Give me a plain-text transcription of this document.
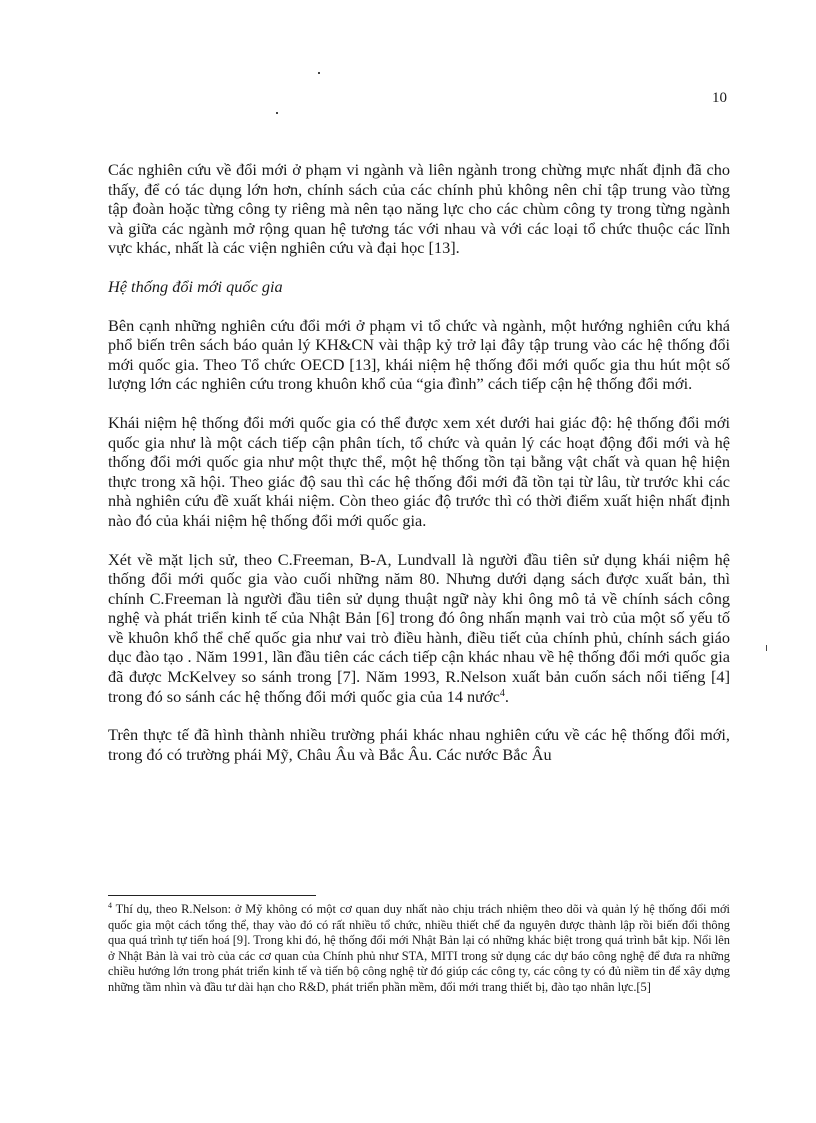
10

Các nghiên cứu về đổi mới ở phạm vi ngành và liên ngành trong chừng mực nhất định đã cho thấy, để có tác dụng lớn hơn, chính sách của các chính phủ không nên chỉ tập trung vào từng tập đoàn hoặc từng công ty riêng mà nên tạo năng lực cho các chùm công ty trong từng ngành và giữa các ngành mở rộng quan hệ tương tác với nhau và với các loại tổ chức thuộc các lĩnh vực khác, nhất là các viện nghiên cứu và đại học [13].

Hệ thống đổi mới quốc gia

Bên cạnh những nghiên cứu đổi mới ở phạm vi tổ chức và ngành, một hướng nghiên cứu khá phổ biến trên sách báo quản lý KH&CN vài thập kỷ trở lại đây tập trung vào các hệ thống đổi mới quốc gia. Theo Tổ chức OECD [13], khái niệm hệ thống đổi mới quốc gia thu hút một số lượng lớn các nghiên cứu trong khuôn khổ của “gia đình” cách tiếp cận hệ thống đổi mới.

Khái niệm hệ thống đổi mới quốc gia có thể được xem xét dưới hai giác độ: hệ thống đổi mới quốc gia như là một cách tiếp cận phân tích, tổ chức và quản lý các hoạt động đổi mới và hệ thống đổi mới quốc gia như một thực thể, một hệ thống tồn tại bằng vật chất và quan hệ hiện thực trong xã hội. Theo giác độ sau thì các hệ thống đổi mới đã tồn tại từ lâu, từ trước khi các nhà nghiên cứu đề xuất khái niệm. Còn theo giác độ trước thì có thời điểm xuất hiện nhất định nào đó của khái niệm hệ thống đổi mới quốc gia.

Xét về mặt lịch sử, theo C.Freeman, B-A, Lundvall là người đầu tiên sử dụng khái niệm hệ thống đổi mới quốc gia vào cuối những năm 80. Nhưng dưới dạng sách được xuất bản, thì chính C.Freeman là người đầu tiên sử dụng thuật ngữ này khi ông mô tả về chính sách công nghệ và phát triển kinh tế của Nhật Bản [6] trong đó ông nhấn mạnh vai trò của một số yếu tố về khuôn khổ thể chế quốc gia như vai trò điều hành, điều tiết của chính phủ, chính sách giáo dục đào tạo . Năm 1991, lần đầu tiên các cách tiếp cận khác nhau về hệ thống đổi mới quốc gia đã được McKelvey so sánh trong [7]. Năm 1993, R.Nelson xuất bản cuốn sách nổi tiếng [4] trong đó so sánh các hệ thống đổi mới quốc gia của 14 nước$^4$.

Trên thực tế đã hình thành nhiều trường phái khác nhau nghiên cứu về các hệ thống đổi mới, trong đó có trường phái Mỹ, Châu Âu và Bắc Âu. Các nước Bắc Âu

$^4$ Thí dụ, theo R.Nelson: ở Mỹ không có một cơ quan duy nhất nào chịu trách nhiệm theo dõi và quản lý hệ thống đổi mới quốc gia một cách tổng thể, thay vào đó có rất nhiều tổ chức, nhiều thiết chế đa nguyên được thành lập rồi biến đổi thông qua quá trình tự tiến hoá [9]. Trong khi đó, hệ thống đổi mới Nhật Bản lại có những khác biệt trong quá trình bắt kịp. Nổi lên ở Nhật Bản là vai trò của các cơ quan của Chính phủ như STA, MITI trong sử dụng các dự báo công nghệ để đưa ra những chiều hướng lớn trong phát triển kinh tế và tiến bộ công nghệ từ đó giúp các công ty, các công ty có đủ niềm tin để xây dựng những tầm nhìn và đầu tư dài hạn cho R&D, phát triển phần mềm, đổi mới trang thiết bị, đào tạo nhân lực.[5]
